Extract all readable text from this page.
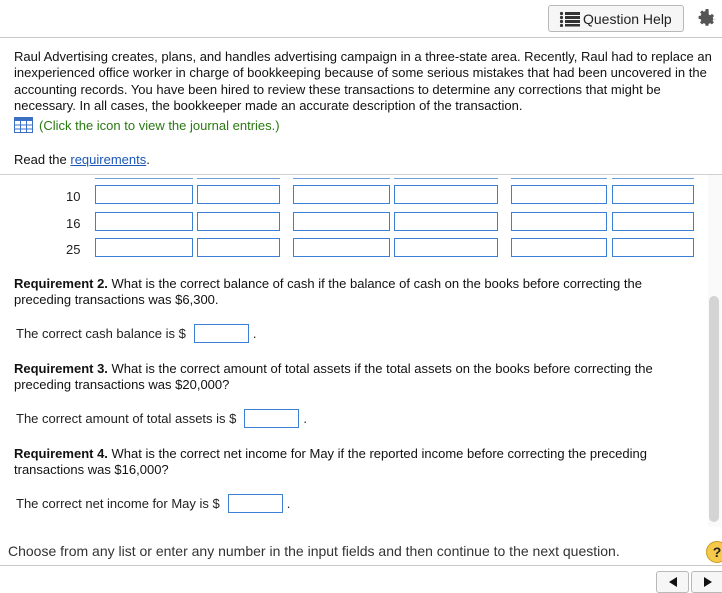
Question Help
Raul Advertising creates, plans, and handles advertising campaign in a three-state area. Recently, Raul had to replace an inexperienced office worker in charge of bookkeeping because of some serious mistakes that had been uncovered in the accounting records. You have been hired to review these transactions to determine any corrections that might be necessary. In all cases, the bookkeeper made an accurate description of the transaction.
(Click the icon to view the journal entries.)
Read the requirements.
10
16
25
Requirement 2. What is the correct balance of cash if the balance of cash on the books before correcting the preceding transactions was $6,300.
The correct cash balance is $	.
Requirement 3. What is the correct amount of total assets if the total assets on the books before correcting the preceding transactions was $20,000?
The correct amount of total assets is $	.
Requirement 4. What is the correct net income for May if the reported income before correcting the preceding transactions was $16,000?
The correct net income for May is $	.
Choose from any list or enter any number in the input fields and then continue to the next question.	?
